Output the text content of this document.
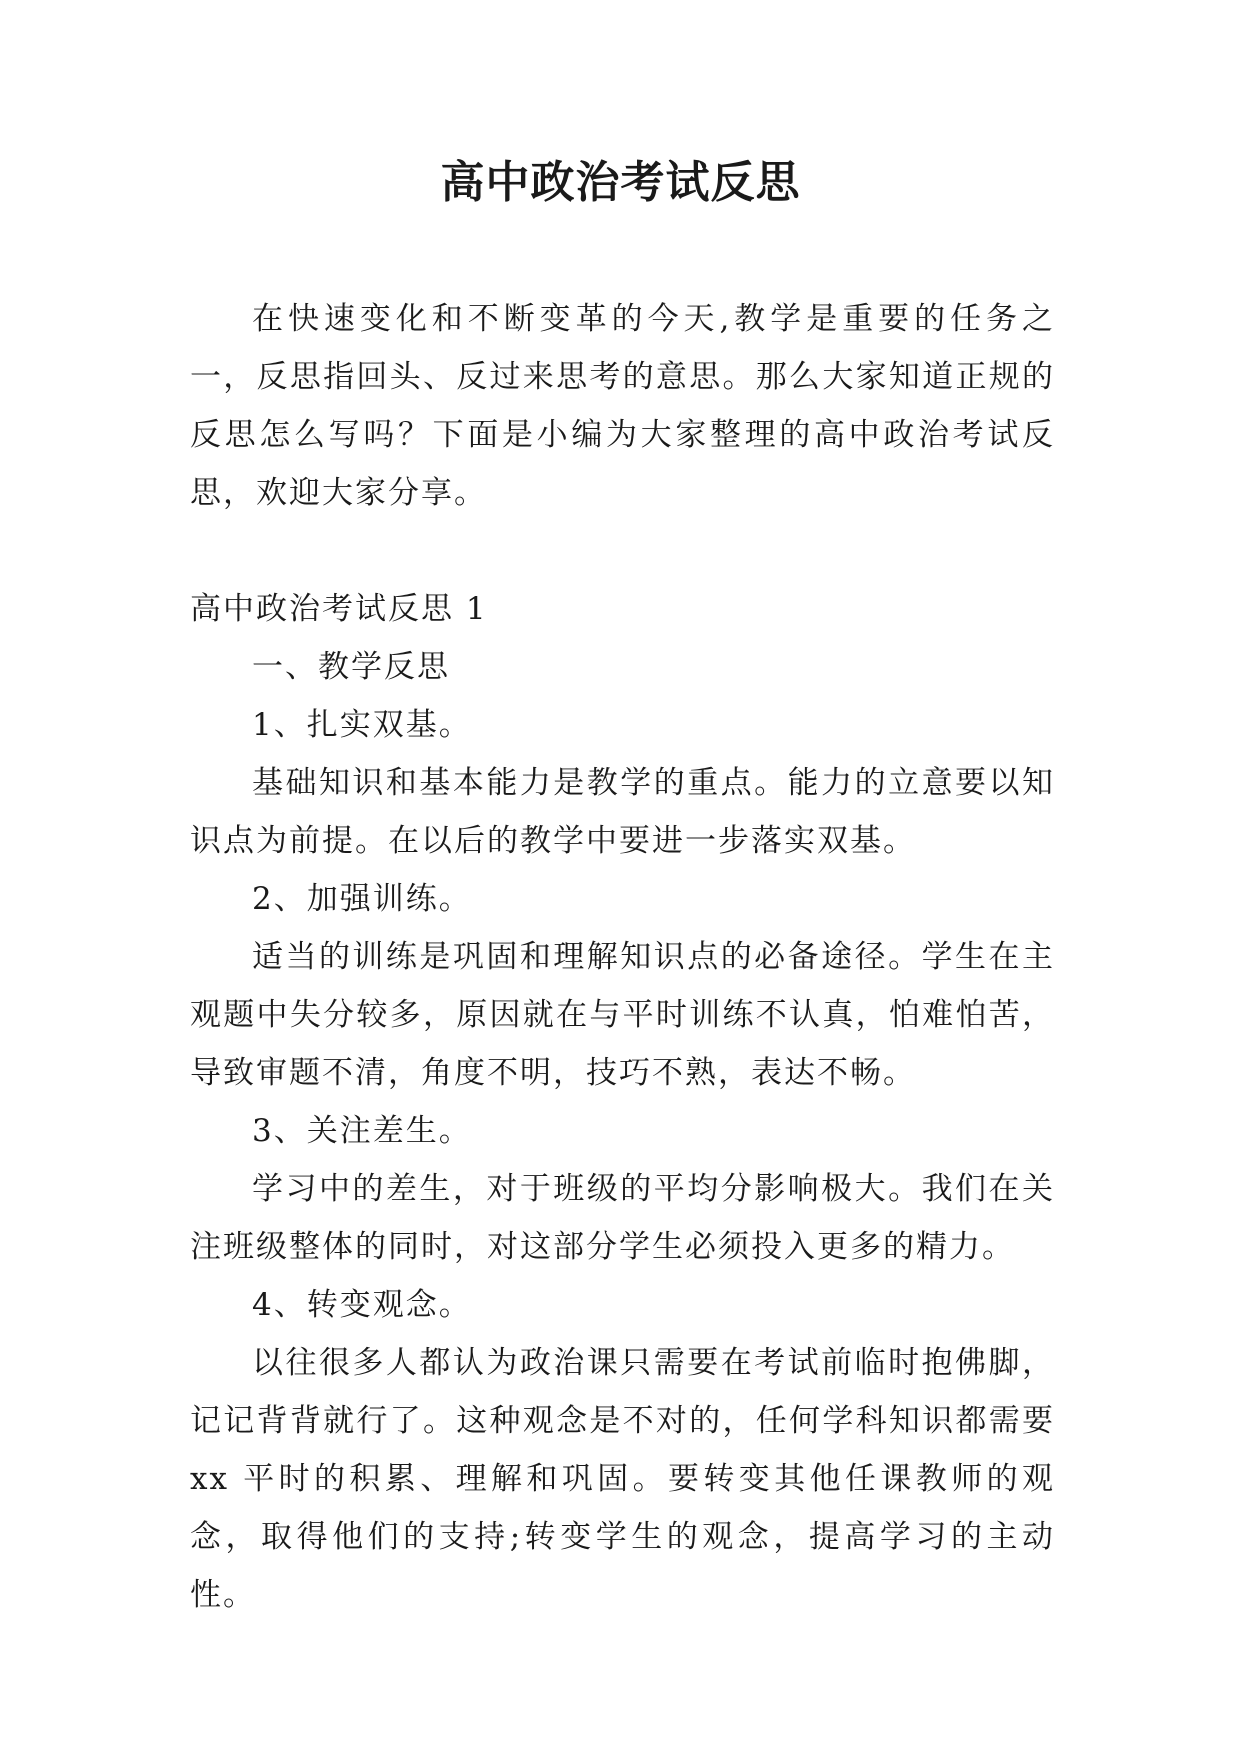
高中政治考试反思

在快速变化和不断变革的今天,教学是重要的任务之一，反思指回头、反过来思考的意思。那么大家知道正规的反思怎么写吗？下面是小编为大家整理的高中政治考试反思，欢迎大家分享。

高中政治考试反思 1

一、教学反思

1、扎实双基。

基础知识和基本能力是教学的重点。能力的立意要以知识点为前提。在以后的教学中要进一步落实双基。

2、加强训练。

适当的训练是巩固和理解知识点的必备途径。学生在主观题中失分较多，原因就在与平时训练不认真，怕难怕苦，导致审题不清，角度不明，技巧不熟，表达不畅。

3、关注差生。

学习中的差生，对于班级的平均分影响极大。我们在关注班级整体的同时，对这部分学生必须投入更多的精力。

4、转变观念。

以往很多人都认为政治课只需要在考试前临时抱佛脚，记记背背就行了。这种观念是不对的，任何学科知识都需要 xx 平时的积累、理解和巩固。要转变其他任课教师的观念，取得他们的支持;转变学生的观念，提高学习的主动性。
